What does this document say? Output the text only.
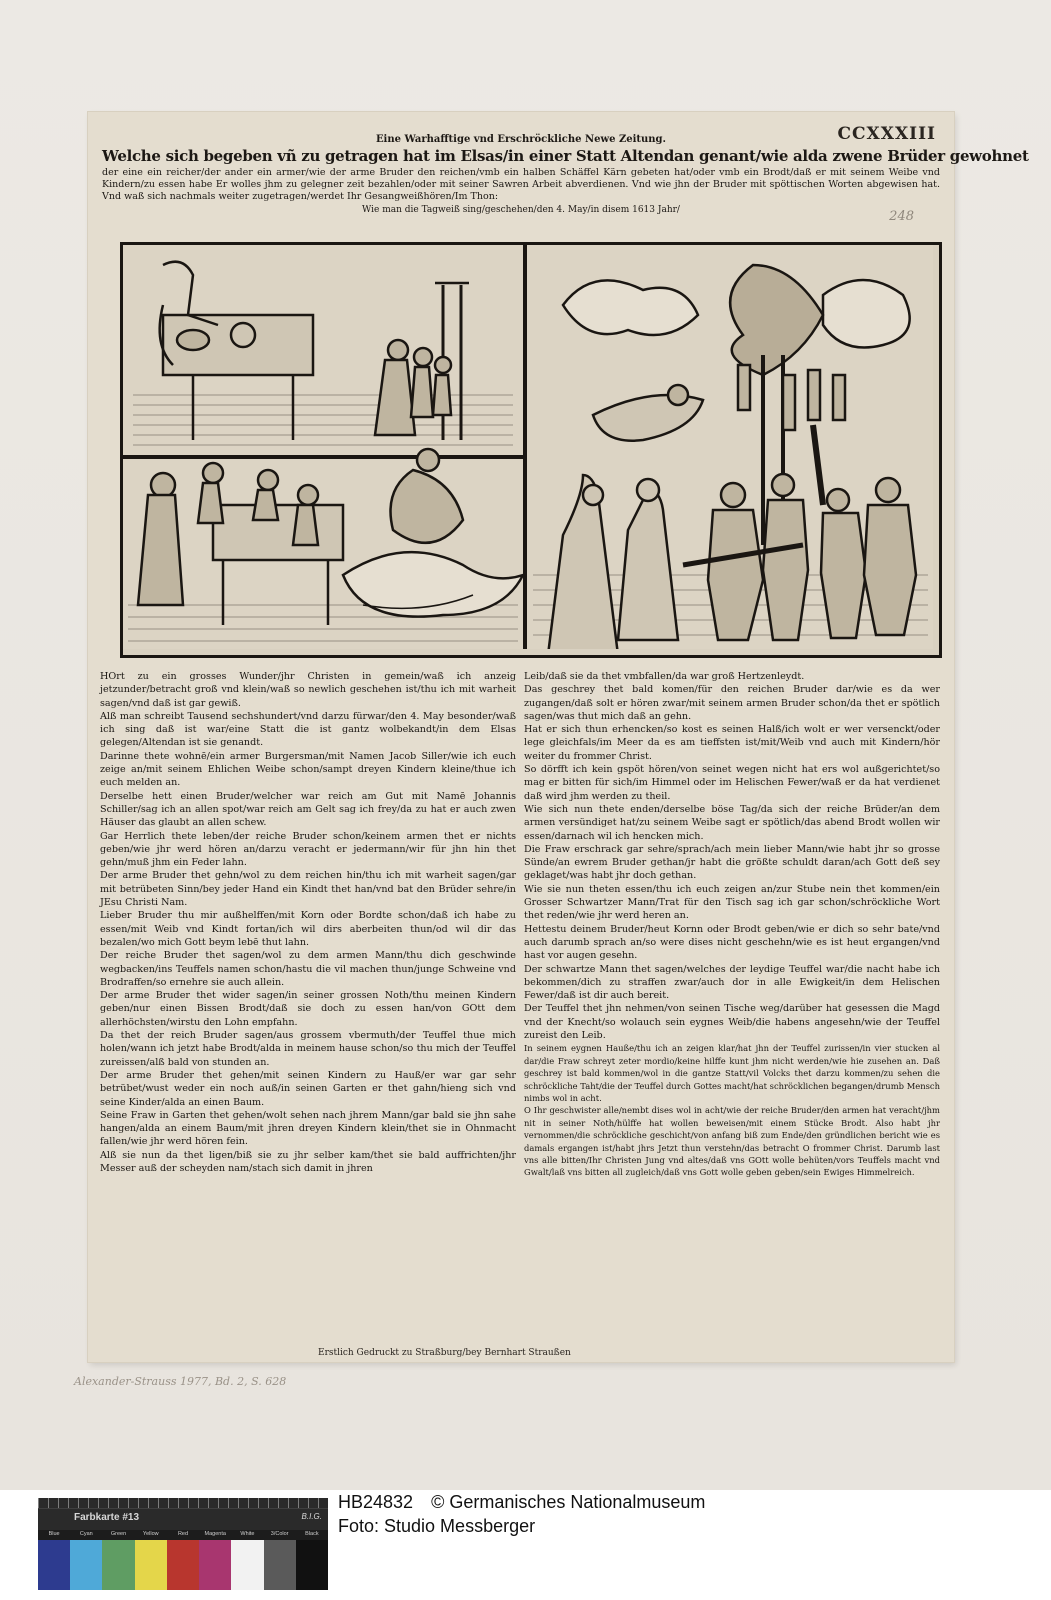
CCXXXIII
248
Eine Warhafftige vnd Erschröckliche Newe Zeitung.
Welche sich begeben vñ zu getragen hat im Elsas/in einer Statt Altendan genant/wie alda zwene Brüder gewohnet
der eine ein reicher/der ander ein armer/wie der arme Bruder den reichen/vmb ein halben Schäffel Kärn gebeten hat/oder vmb ein Brodt/daß er mit seinem Weibe vnd Kindern/zu essen habe Er wolles jhm zu gelegner zeit bezahlen/oder mit seiner Sawren Arbeit abverdienen. Vnd wie jhn der Bruder mit spöttischen Worten abgewisen hat. Vnd waß sich nachmals weiter zugetragen/werdet Ihr Gesangweißhören/Im Thon:
Wie man die Tagweiß sing/geschehen/den 4. May/in disem 1613 Jahr/

HOrt zu ein grosses Wunder/jhr Christen in gemein/waß ich anzeig jetzunder/betracht groß vnd klein/waß so newlich geschehen ist/thu ich mit warheit sagen/vnd daß ist gar gewiß.

Alß man schreibt Tausend sechshundert/vnd darzu fürwar/den 4. May besonder/waß ich sing daß ist war/eine Statt die ist gantz wolbekandt/in dem Elsas gelegen/Altendan ist sie genandt.

Darinne thete wohnē/ein armer Burgersman/mit Namen Jacob Siller/wie ich euch zeige an/mit seinem Ehlichen Weibe schon/sampt dreyen Kindern kleine/thue ich euch melden an.

Derselbe hett einen Bruder/welcher war reich am Gut mit Namē Johannis Schiller/sag ich an allen spot/war reich am Gelt sag ich frey/da zu hat er auch zwen Häuser das glaubt an allen schew.

Gar Herrlich thete leben/der reiche Bruder schon/keinem armen thet er nichts geben/wie jhr werd hören an/darzu veracht er jedermann/wir für jhn hin thet gehn/muß jhm ein Feder lahn.

Der arme Bruder thet gehn/wol zu dem reichen hin/thu ich mit warheit sagen/gar mit betrübeten Sinn/bey jeder Hand ein Kindt thet han/vnd bat den Brüder sehre/in JEsu Christi Nam.

Lieber Bruder thu mir außhelffen/mit Korn oder Bordte schon/daß ich habe zu essen/mit Weib vnd Kindt fortan/ich wil dirs aberbeiten thun/od wil dir das bezalen/wo mich Gott beym lebē thut lahn.

Der reiche Bruder thet sagen/wol zu dem armen Mann/thu dich geschwinde wegbacken/ins Teuffels namen schon/hastu die vil machen thun/junge Schweine vnd Brodraffen/so ernehre sie auch allein.

Der arme Bruder thet wider sagen/in seiner grossen Noth/thu meinen Kindern geben/nur einen Bissen Brodt/daß sie doch zu essen han/von GOtt dem allerhöchsten/wirstu den Lohn empfahn.

Da thet der reich Bruder sagen/aus grossem vbermuth/der Teuffel thue mich holen/wann ich jetzt habe Brodt/alda in meinem hause schon/so thu mich der Teuffel zureissen/alß bald von stunden an.

Der arme Bruder thet gehen/mit seinen Kindern zu Hauß/er war gar sehr betrübet/wust weder ein noch auß/in seinen Garten er thet gahn/hieng sich vnd seine Kinder/alda an einen Baum.

Seine Fraw in Garten thet gehen/wolt sehen nach jhrem Mann/gar bald sie jhn sahe hangen/alda an einem Baum/mit jhren dreyen Kindern klein/thet sie in Ohnmacht fallen/wie jhr werd hören fein.

Alß sie nun da thet ligen/biß sie zu jhr selber kam/thet sie bald auffrichten/jhr Messer auß der scheyden nam/stach sich damit in jhren

Leib/daß sie da thet vmbfallen/da war groß Hertzenleydt.

Das geschrey thet bald komen/für den reichen Bruder dar/wie es da wer zugangen/daß solt er hören zwar/mit seinem armen Bruder schon/da thet er spötlich sagen/was thut mich daß an gehn.

Hat er sich thun erhencken/so kost es seinen Halß/ich wolt er wer versenckt/oder lege gleichfals/im Meer da es am tieffsten ist/mit/Weib vnd auch mit Kindern/hör weiter du frommer Christ.

So dörfft ich kein gspöt hören/von seinet wegen nicht hat ers wol außgerichtet/so mag er bitten für sich/im Himmel oder im Helischen Fewer/waß er da hat verdienet daß wird jhm werden zu theil.

Wie sich nun thete enden/derselbe böse Tag/da sich der reiche Brüder/an dem armen versündiget hat/zu seinem Weibe sagt er spötlich/das abend Brodt wollen wir essen/darnach wil ich hencken mich.

Die Fraw erschrack gar sehre/sprach/ach mein lieber Mann/wie habt jhr so grosse Sünde/an ewrem Bruder gethan/jr habt die größte schuldt daran/ach Gott deß sey geklaget/was habt jhr doch gethan.

Wie sie nun theten essen/thu ich euch zeigen an/zur Stube nein thet kommen/ein Grosser Schwartzer Mann/Trat für den Tisch sag ich gar schon/schröckliche Wort thet reden/wie jhr werd heren an.

Hettestu deinem Bruder/heut Kornn oder Brodt geben/wie er dich so sehr bate/vnd auch darumb sprach an/so were dises nicht geschehn/wie es ist heut ergangen/vnd hast vor augen gesehn.

Der schwartze Mann thet sagen/welches der leydige Teuffel war/die nacht habe ich bekommen/dich zu straffen zwar/auch dor in alle Ewigkeit/in dem Helischen Fewer/daß ist dir auch bereit.

Der Teuffel thet jhn nehmen/von seinen Tische weg/darüber hat gesessen die Magd vnd der Knecht/so wolauch sein eygnes Weib/die habens angesehn/wie der Teuffel zureist den Leib.

In seinem eygnen Hauße/thu ich an zeigen klar/hat jhn der Teuffel zurissen/in vier stucken al dar/die Fraw schreyt zeter mordio/keine hilffe kunt jhm nicht werden/wie hie zusehen an. Daß geschrey ist bald kommen/wol in die gantze Statt/vil Volcks thet darzu kommen/zu sehen die schröckliche Taht/die der Teuffel durch Gottes macht/hat schröcklichen begangen/drumb Mensch nimbs wol in acht.

O Ihr geschwister alle/nembt dises wol in acht/wie der reiche Bruder/den armen hat veracht/jhm nit in seiner Noth/hülffe hat wollen beweisen/mit einem Stücke Brodt. Also habt jhr vernommen/die schröckliche geschicht/von anfang biß zum Ende/den gründlichen bericht wie es damals ergangen ist/habt jhrs Jetzt thun verstehn/das betracht O frommer Christ. Darumb last vns alle bitten/Ihr Christen Jung vnd altes/daß vns GOtt wolle behüten/vors Teuffels macht vnd Gwalt/laß vns bitten all zugleich/daß vns Gott wolle geben geben/sein Ewiges Himmelreich.

Erstlich Gedruckt zu Straßburg/bey Bernhart Straußen
Alexander-Strauss 1977, Bd. 2, S. 628
Farbkarte #13	B.I.G.
Blue	Cyan	Green	Yellow	Red	Magenta	White	3/Color	Black
HB24832 © Germanisches Nationalmuseum
Foto: Studio Messberger
